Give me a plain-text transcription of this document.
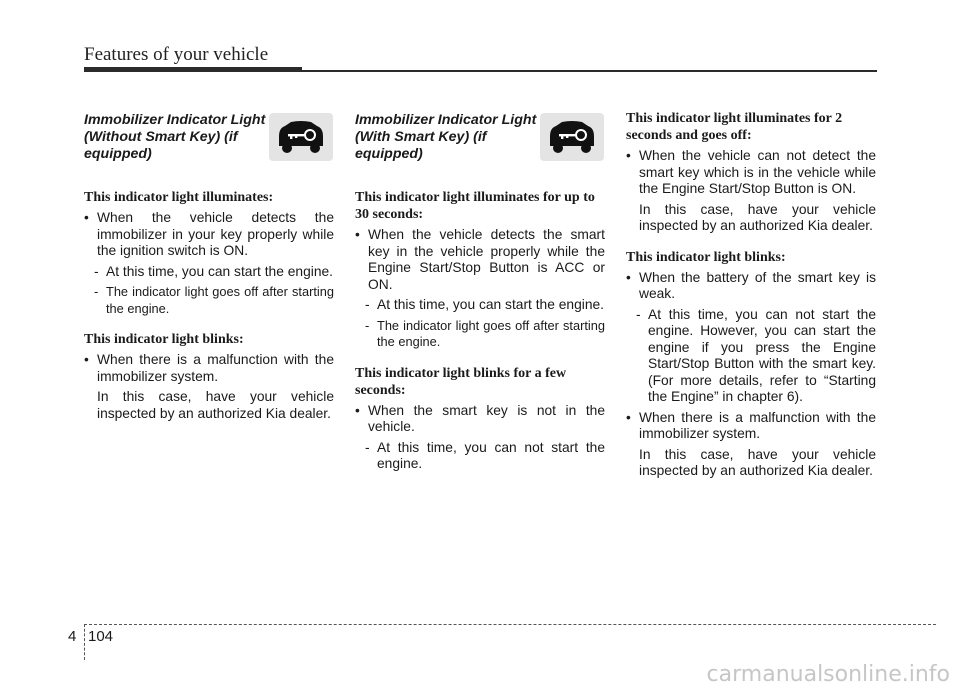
Features of your vehicle

Immobilizer Indicator Light (Without Smart Key) (if equipped)

This indicator light illuminates:

• When the vehicle detects the immobilizer in your key properly while the ignition switch is ON.

- At this time, you can start the engine.

- The indicator light goes off after starting the engine.

This indicator light blinks:

• When there is a malfunction with the immobilizer system.

In this case, have your vehicle inspected by an authorized Kia dealer.

Immobilizer Indicator Light (With Smart Key) (if equipped)

This indicator light illuminates for up to 30 seconds:

• When the vehicle detects the smart key in the vehicle properly while the Engine Start/Stop Button is ACC or ON.

- At this time, you can start the engine.

- The indicator light goes off after starting the engine.

This indicator light blinks for a few seconds:

• When the smart key is not in the vehicle.

- At this time, you can not start the engine.

This indicator light illuminates for 2 seconds and goes off:

• When the vehicle can not detect the smart key which is in the vehicle while the Engine Start/Stop Button is ON.

In this case, have your vehicle inspected by an authorized Kia dealer.

This indicator light blinks:

• When the battery of the smart key is weak.

- At this time, you can not start the engine. However, you can start the engine if you press the Engine Start/Stop Button with the smart key. (For more details, refer to “Starting the Engine” in chapter 6).

• When there is a malfunction with the immobilizer system.

In this case, have your vehicle inspected by an authorized Kia dealer.

4 104
carmanualsonline.info
